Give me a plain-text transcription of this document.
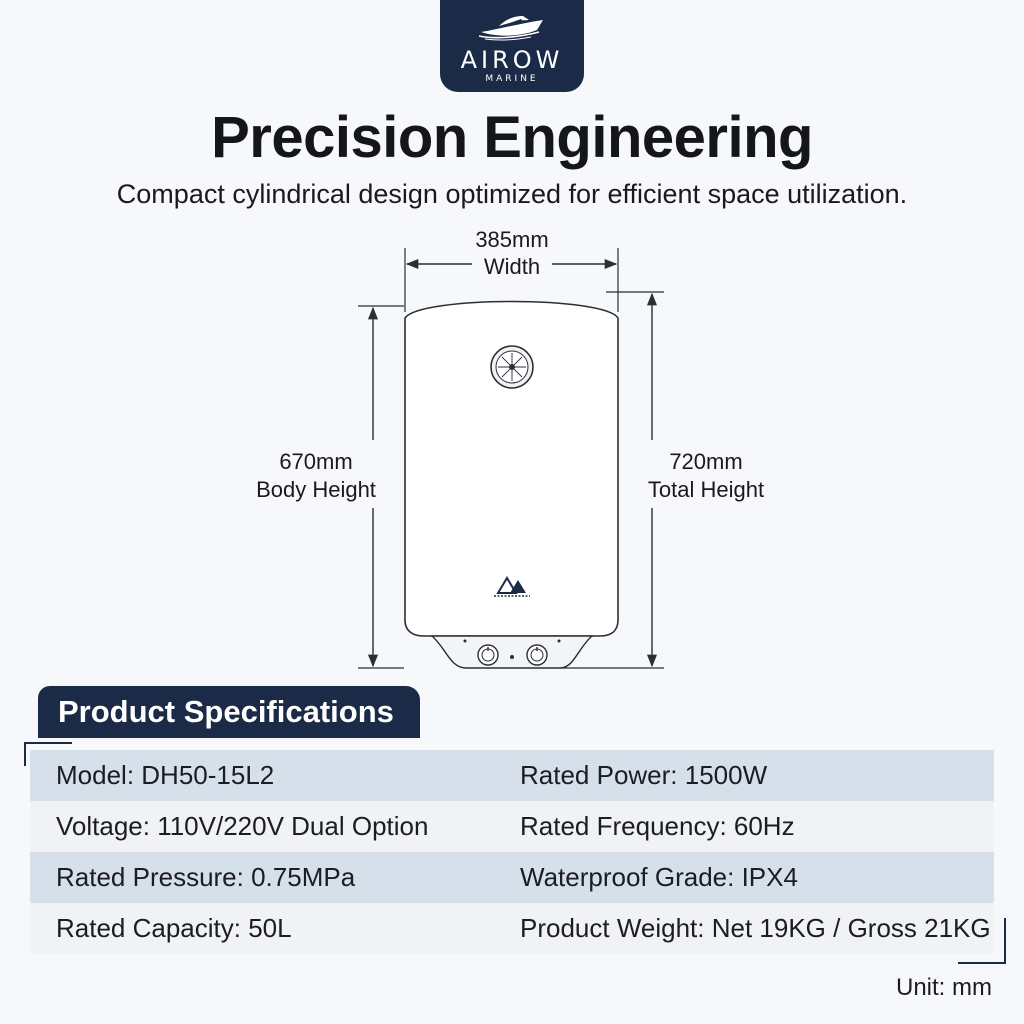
AIROW
MARINE
Precision Engineering
Compact cylindrical design optimized for efficient space utilization.
385mm
Width
670mm
Body Height
720mm
Total Height
Product Specifications
Model: DH50-15L2	Rated Power: 1500W
Voltage: 110V/220V Dual Option	Rated Frequency: 60Hz
Rated Pressure: 0.75MPa	Waterproof Grade: IPX4
Rated Capacity: 50L	Product Weight: Net 19KG / Gross 21KG
Unit: mm
